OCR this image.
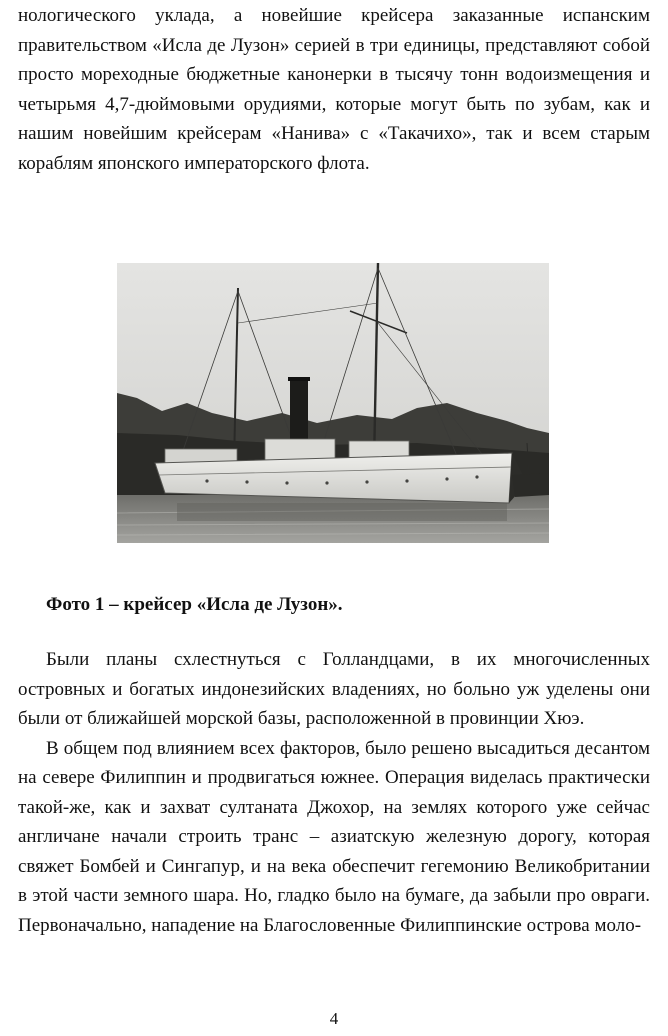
нологического уклада, а новейшие крейсера заказанные испанским правительством «Исла де Лузон» серией в три единицы, представляют собой просто мореходные бюджетные канонерки в тысячу тонн водоизмещения и четырьмя 4,7-дюймовыми орудиями, которые могут быть по зубам, как и нашим новейшим крейсерам «Нанива» с «Такачихо», так и всем старым кораблям японского императорского флота.

Фото 1 – крейсер «Исла де Лузон».

Были планы схлестнуться с Голландцами, в их многочисленных островных и богатых индонезийских владениях, но больно уж уделены они были от ближайшей морской базы, расположенной в провинции Хюэ.

В общем под влиянием всех факторов, было решено высадиться десантом на севере Филиппин и продвигаться южнее. Операция виделась практически такой-же, как и захват султаната Джохор, на землях которого уже сейчас англичане начали строить транс – азиатскую железную дорогу, которая свяжет Бомбей и Сингапур, и на века обеспечит гегемонию Великобритании в этой части земного шара. Но, гладко было на бумаге, да забыли про овраги. Первоначально, нападение на Благословенные Филиппинские острова моло-

4
